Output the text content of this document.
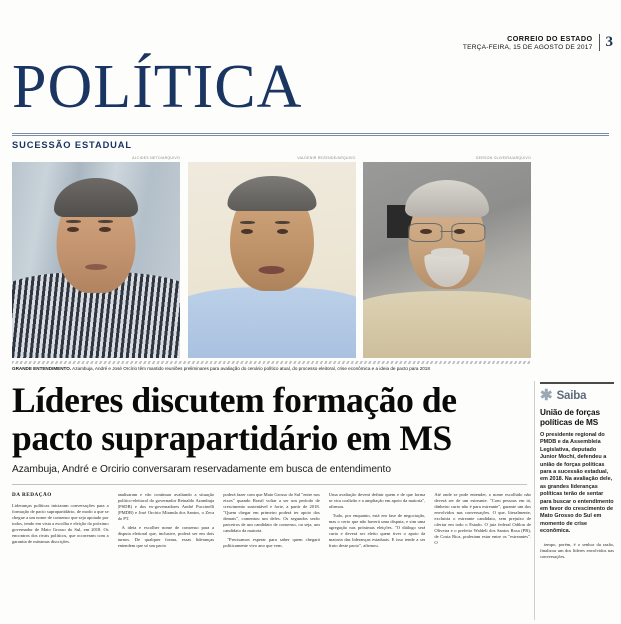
CORREIO DO ESTADO
TERÇA-FEIRA, 15 DE AGOSTO DE 2017 3
POLÍTICA
SUCESSÃO ESTADUAL
ALCIDES NETO/ARQUIVO	VALDENIR REZENDE/ARQUIVO	GERSON OLIVEIRA/ARQUIVO
GRANDE ENTENDIMENTO. Azambuja, André e José Orcírio têm mantido reuniões preliminares para avaliação do cenário político atual, do processo eleitoral, crise econômica e a ideia de pacto para 2018
Líderes discutem formação de
pacto suprapartidário em MS
Azambuja, André e Orcirio conversaram reservadamente em busca de entendimento
DA REDAÇÃO

Lideranças políticas iniciaram conversações para a formação de pacto suprapartidário, de modo a que se chegue a um nome de consenso que seja apoiado por todos, tendo em vista a escolha e eleição do próximo governador de Mato Grosso do Sul, em 2018. Os encontros dos rivais políticos, que ocorreram com a garantia de máximas discrições.

analisaram e vão continuar avaliando a situação político-eleitoral do governador Reinaldo Azambuja (PSDB) e dos ex-governadores André Puccinelli (PMDB) e José Orcírio Miranda dos Santos, o Zeca do PT.

A ideia e escolher nome de consenso para a disputa eleitoral que, inclusive, poderá ser em dois turnos. De qualquer forma, essas lideranças entendem que só um pacto

poderá fazer com que Mato Grosso do Sul "entre nos eixos" quando Brasil voltar a ser um período de crescimento sustentável e forte, a partir de 2018. "Quem chegar em primeiro poderá ter apoio dos demais", comentou um deles. Os segundos serão parceiros de um candidato de consenso, ou seja, um candidato da maioria.

"Precisamos esperar para saber quem chegará politicamente vivo ano que vem.

Uma avaliação deverá definir quem e de que forma se vira coalizão e a ampliação em apoio da maioria", afirmou.

Tudo, por enquanto, está em fase de negociação, mas o certo que não haverá uma disputa, e sim uma agregação nas próximas eleições. "O diálogo será curto e deverá ser eleito quem tiver o apoio da maioria das lideranças estaduais. E isso tende a ser fruto deste pacto", afirmou.

Até onde se pode entender, o nome escolhido não deverá ser de um estreante. "Com pessoas em tá, dinheiro curto não é para estreante", garante um dos envolvidos nas conversações. O que, literalmente, excluiria o estreante candidato, sem prejuízo de ofertar em todo o Estado. O juiz federal Odilon de Oliveira e o prefeito Waldeli dos Santos Rosa (PR), de Costa Rica, poderiam estar entre os "estreantes". O

✱ Saiba
União de forças políticas de MS
O presidente regional do PMDB e da Assembleia Legislativa, deputado Junior Mochi, defendeu a união de forças políticas para a sucessão estadual, em 2018. Na avaliação dele, as grandes lideranças políticas terão de sentar para buscar o entendimento em favor do crescimento de Mato Grosso do Sul em momento de crise econômica.

tempo, porém, é o senhor da razão, finalizou um dos líderes envolvidos nas conversações.
